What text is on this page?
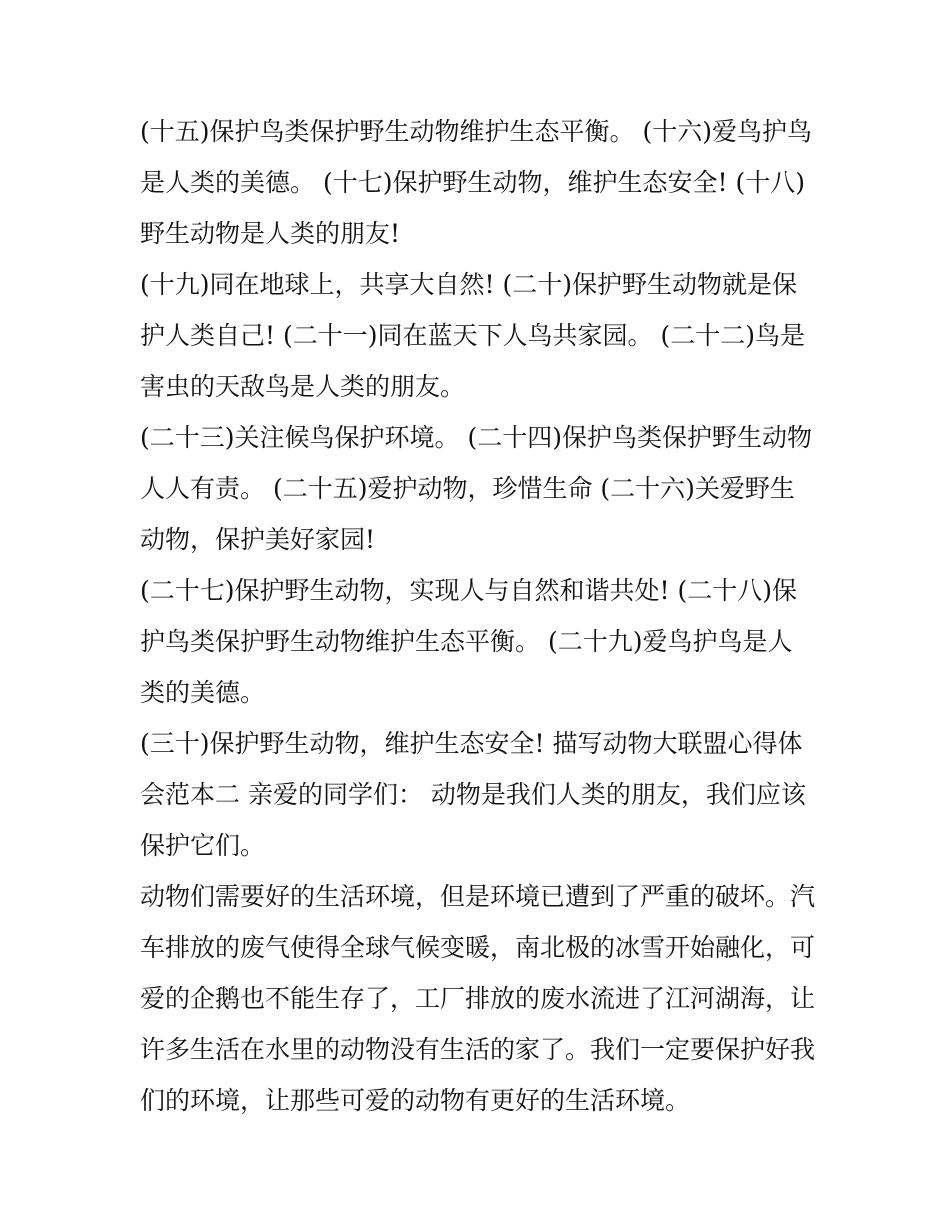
(十五)保护鸟类保护野生动物维护生态平衡。 (十六)爱鸟护鸟
是人类的美德。 (十七)保护野生动物，维护生态安全! (十八)
野生动物是人类的朋友!
(十九)同在地球上，共享大自然! (二十)保护野生动物就是保
护人类自己! (二十一)同在蓝天下人鸟共家园。 (二十二)鸟是
害虫的天敌鸟是人类的朋友。
(二十三)关注候鸟保护环境。 (二十四)保护鸟类保护野生动物
人人有责。 (二十五)爱护动物，珍惜生命 (二十六)关爱野生
动物，保护美好家园!
(二十七)保护野生动物，实现人与自然和谐共处! (二十八)保
护鸟类保护野生动物维护生态平衡。 (二十九)爱鸟护鸟是人
类的美德。
(三十)保护野生动物，维护生态安全! 描写动物大联盟心得体
会范本二 亲爱的同学们： 动物是我们人类的朋友，我们应该
保护它们。
动物们需要好的生活环境，但是环境已遭到了严重的破坏。汽
车排放的废气使得全球气候变暖，南北极的冰雪开始融化，可
爱的企鹅也不能生存了，工厂排放的废水流进了江河湖海，让
许多生活在水里的动物没有生活的家了。我们一定要保护好我
们的环境，让那些可爱的动物有更好的生活环境。
